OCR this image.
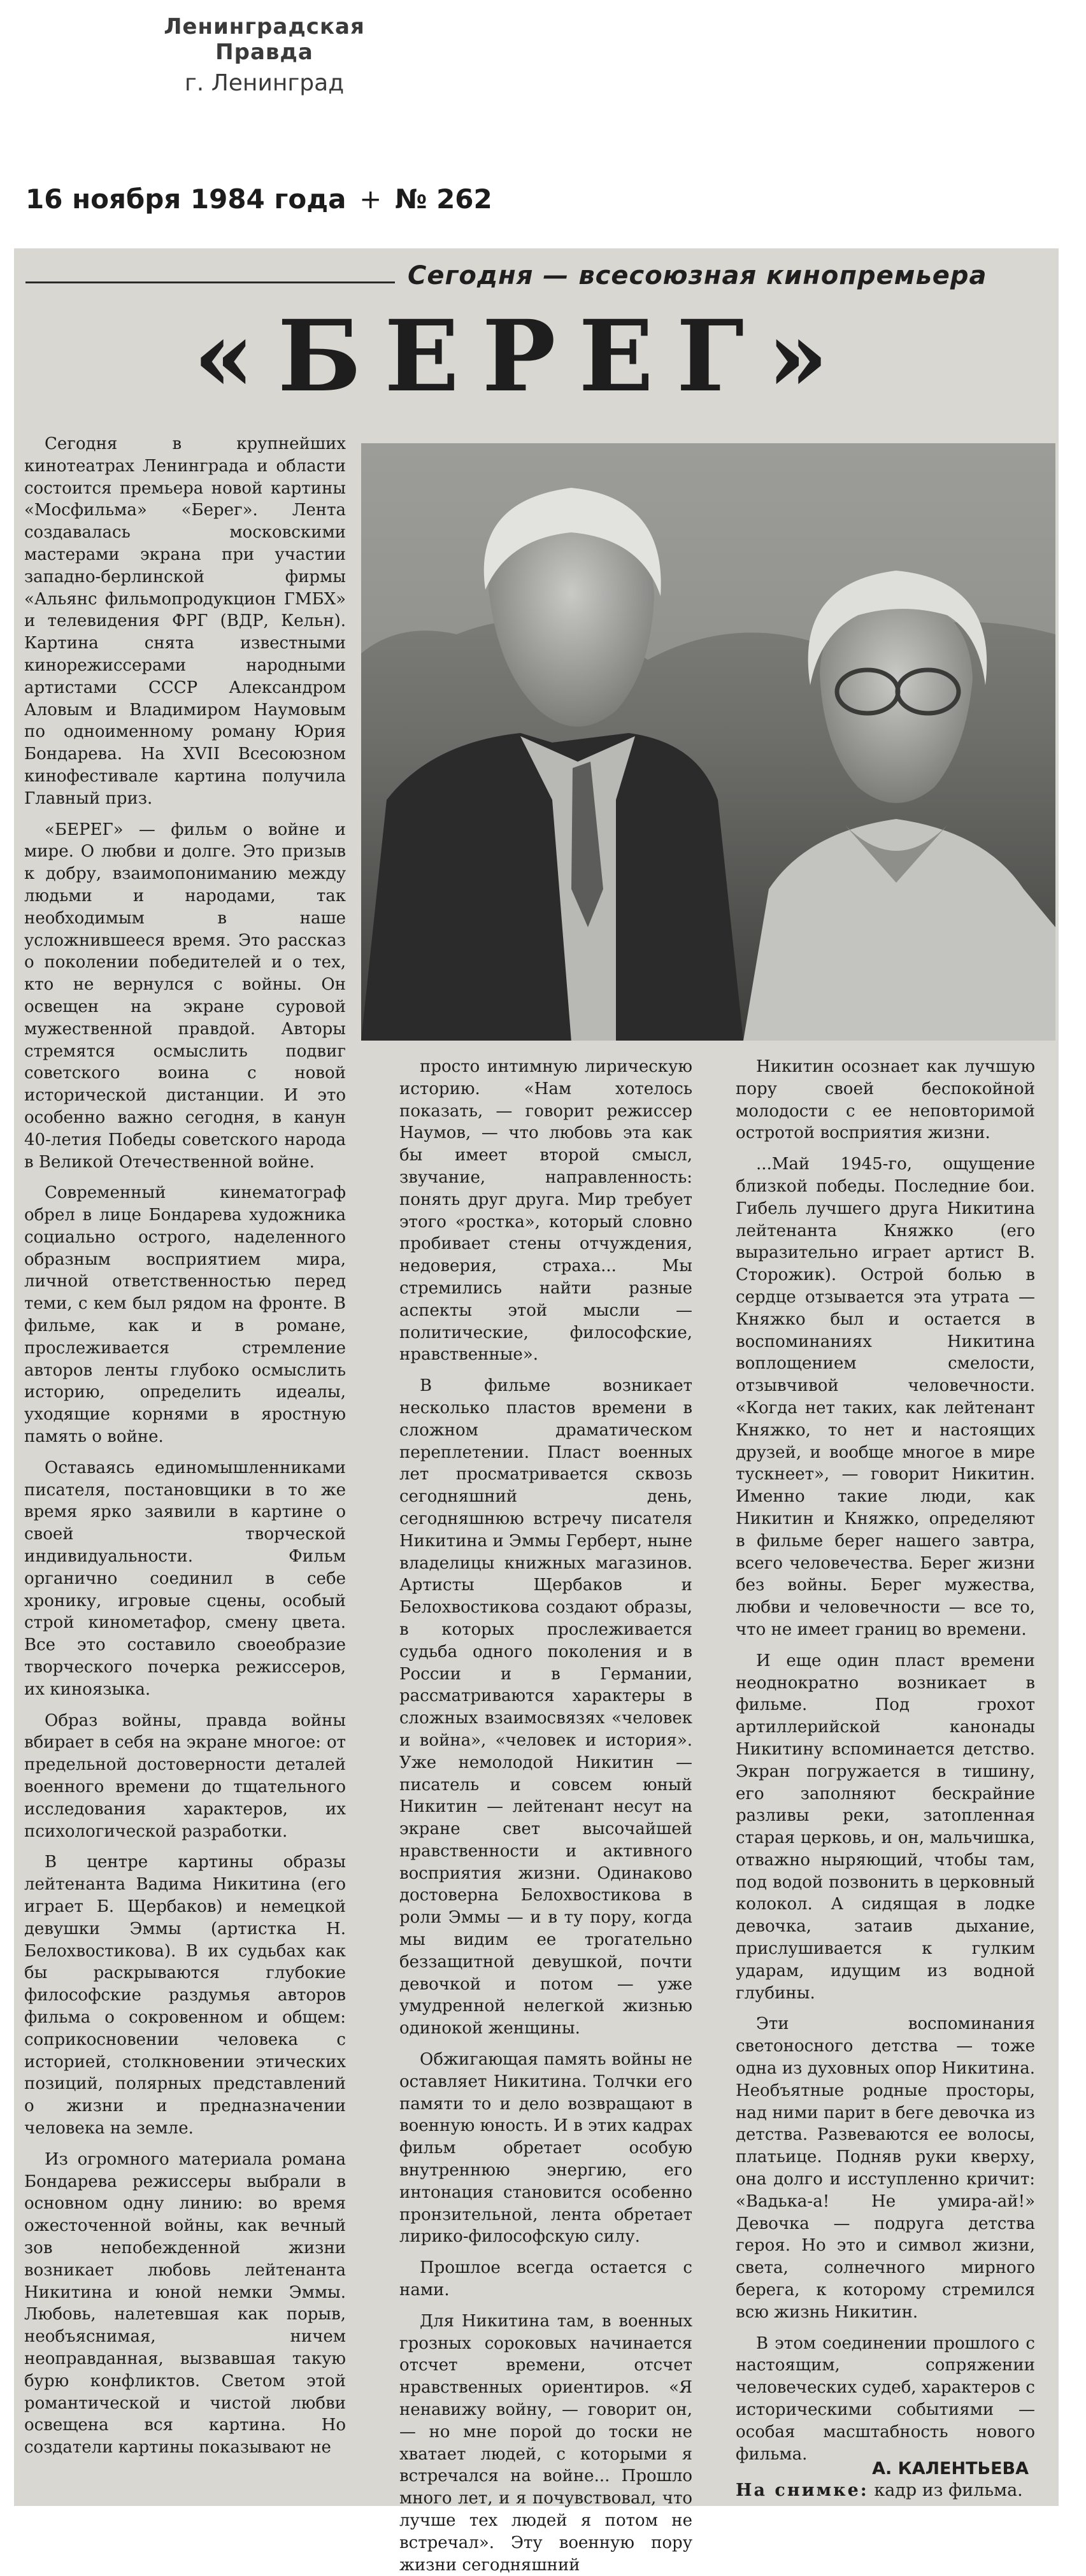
Ленинградская Правда
г. Ленинград
16 ноября 1984 года + № 262
Сегодня — всесоюзная кинопремьера
«БЕРЕГ»

Сегодня в крупнейших кинотеатрах Ленинграда и области состоится премьера новой картины «Мосфильма» «Берег». Лента создавалась московскими мастерами экрана при участии западно-берлинской фирмы «Альянс фильмопродукцион ГМБХ» и телевидения ФРГ (ВДР, Кельн). Картина снята известными кинорежиссерами народными артистами СССР Александром Аловым и Владимиром Наумовым по одноименному роману Юрия Бондарева. На XVII Всесоюзном кинофестивале картина получила Главный приз.

«БЕРЕГ» — фильм о войне и мире. О любви и долге. Это призыв к добру, взаимопониманию между людьми и народами, так необходимым в наше усложнившееся время. Это рассказ о поколении победителей и о тех, кто не вернулся с войны. Он освещен на экране суровой мужественной правдой. Авторы стремятся осмыслить подвиг советского воина с новой исторической дистанции. И это особенно важно сегодня, в канун 40-летия Победы советского народа в Великой Отечественной войне.

Современный кинематограф обрел в лице Бондарева художника социально острого, наделенного образным восприятием мира, личной ответственностью перед теми, с кем был рядом на фронте. В фильме, как и в романе, прослеживается стремление авторов ленты глубоко осмыслить историю, определить идеалы, уходящие корнями в яростную память о войне.

Оставаясь единомышленниками писателя, постановщики в то же время ярко заявили в картине о своей творческой индивидуальности. Фильм органично соединил в себе хронику, игровые сцены, особый строй кинометафор, смену цвета. Все это составило своеобразие творческого почерка режиссеров, их киноязыка.

Образ войны, правда войны вбирает в себя на экране многое: от предельной достоверности деталей военного времени до тщательного исследования характеров, их психологической разработки.

В центре картины образы лейтенанта Вадима Никитина (его играет Б. Щербаков) и немецкой девушки Эммы (артистка Н. Белохвостикова). В их судьбах как бы раскрываются глубокие философские раздумья авторов фильма о сокровенном и общем: соприкосновении человека с историей, столкновении этических позиций, полярных представлений о жизни и предназначении человека на земле.

Из огромного материала романа Бондарева режиссеры выбрали в основном одну линию: во время ожесточенной войны, как вечный зов непобежденной жизни возникает любовь лейтенанта Никитина и юной немки Эммы. Любовь, налетевшая как порыв, необъяснимая, ничем неоправданная, вызвавшая такую бурю конфликтов. Светом этой романтической и чистой любви освещена вся картина. Но создатели картины показывают не

просто интимную лирическую историю. «Нам хотелось показать, — говорит режиссер Наумов, — что любовь эта как бы имеет второй смысл, звучание, направленность: понять друг друга. Мир требует этого «ростка», который словно пробивает стены отчуждения, недоверия, страха... Мы стремились найти разные аспекты этой мысли — политические, философские, нравственные».

В фильме возникает несколько пластов времени в сложном драматическом переплетении. Пласт военных лет просматривается сквозь сегодняшний день, сегодняшнюю встречу писателя Никитина и Эммы Герберт, ныне владелицы книжных магазинов. Артисты Щербаков и Белохвостикова создают образы, в которых прослеживается судьба одного поколения и в России и в Германии, рассматриваются характеры в сложных взаимосвязях «человек и война», «человек и история». Уже немолодой Никитин — писатель и совсем юный Никитин — лейтенант несут на экране свет высочайшей нравственности и активного восприятия жизни. Одинаково достоверна Белохвостикова в роли Эммы — и в ту пору, когда мы видим ее трогательно беззащитной девушкой, почти девочкой и потом — уже умудренной нелегкой жизнью одинокой женщины.

Обжигающая память войны не оставляет Никитина. Толчки его памяти то и дело возвращают в военную юность. И в этих кадрах фильм обретает особую внутреннюю энергию, его интонация становится особенно пронзительной, лента обретает лирико-философскую силу.

Прошлое всегда остается с нами.

Для Никитина там, в военных грозных сороковых начинается отсчет времени, отсчет нравственных ориентиров. «Я ненавижу войну, — говорит он, — но мне порой до тоски не хватает людей, с которыми я встречался на войне... Прошло много лет, и я почувствовал, что лучше тех людей я потом не встречал». Эту военную пору жизни сегодняшний

Никитин осознает как лучшую пору своей беспокойной молодости с ее неповторимой остротой восприятия жизни.

...Май 1945-го, ощущение близкой победы. Последние бои. Гибель лучшего друга Никитина лейтенанта Княжко (его выразительно играет артист В. Сторожик). Острой болью в сердце отзывается эта утрата — Княжко был и остается в воспоминаниях Никитина воплощением смелости, отзывчивой человечности. «Когда нет таких, как лейтенант Княжко, то нет и настоящих друзей, и вообще многое в мире тускнеет», — говорит Никитин. Именно такие люди, как Никитин и Княжко, определяют в фильме берег нашего завтра, всего человечества. Берег жизни без войны. Берег мужества, любви и человечности — все то, что не имеет границ во времени.

И еще один пласт времени неоднократно возникает в фильме. Под грохот артиллерийской канонады Никитину вспоминается детство. Экран погружается в тишину, его заполняют бескрайние разливы реки, затопленная старая церковь, и он, мальчишка, отважно ныряющий, чтобы там, под водой позвонить в церковный колокол. А сидящая в лодке девочка, затаив дыхание, прислушивается к гулким ударам, идущим из водной глубины.

Эти воспоминания светоносного детства — тоже одна из духовных опор Никитина. Необъятные родные просторы, над ними парит в беге девочка из детства. Развеваются ее волосы, платьице. Подняв руки кверху, она долго и исступленно кричит: «Вадька-а! Не умира-ай!» Девочка — подруга детства героя. Но это и символ жизни, света, солнечного мирного берега, к которому стремился всю жизнь Никитин.

В этом соединении прошлого с настоящим, сопряжении человеческих судеб, характеров с историческими событиями — особая масштабность нового фильма.

А. КАЛЕНТЬЕВА
На снимке: кадр из фильма.
